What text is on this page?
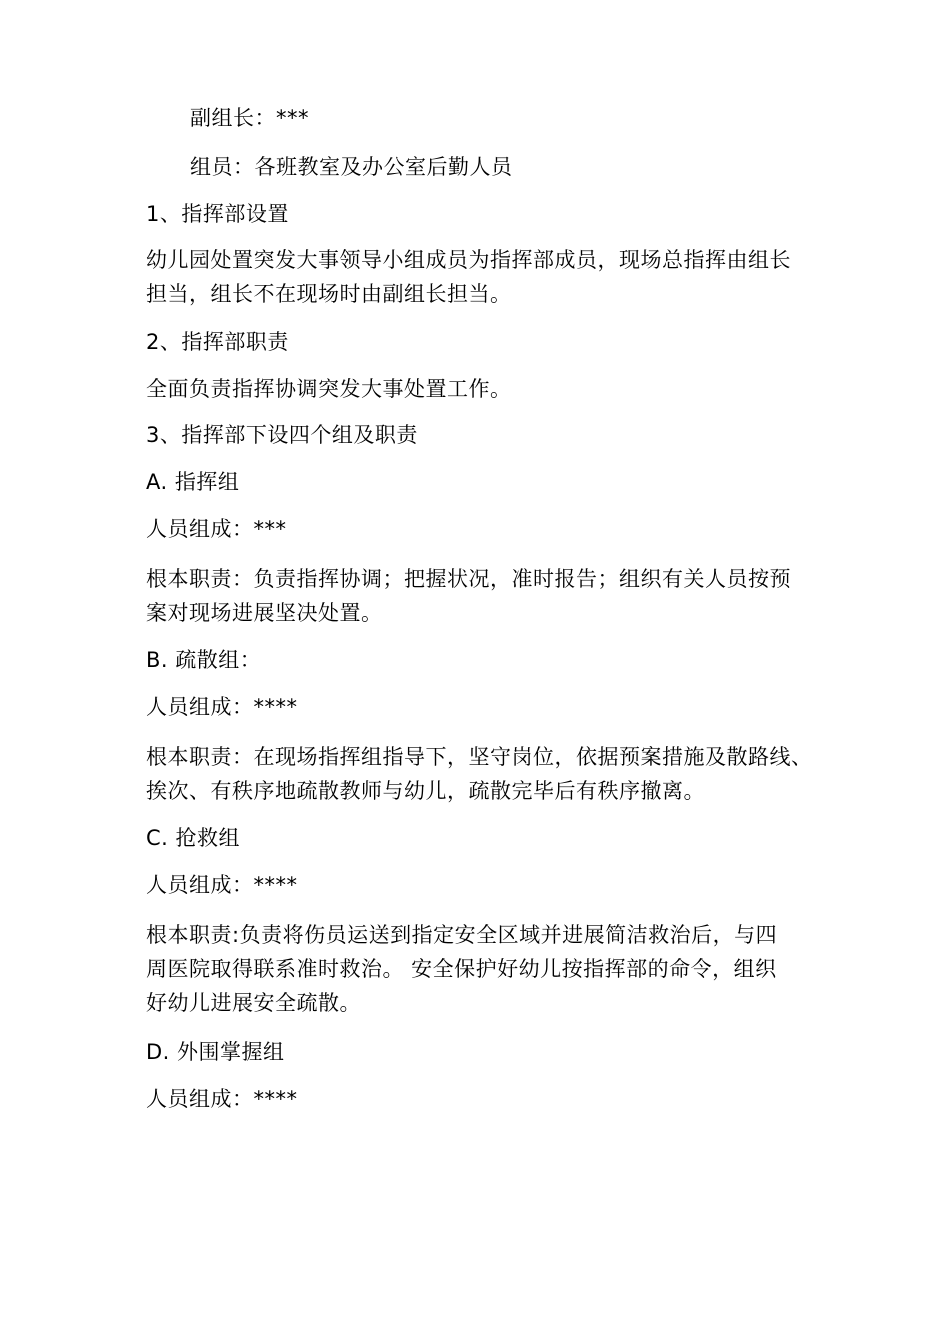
副组长：***
组员：各班教室及办公室后勤人员
1、指挥部设置
幼儿园处置突发大事领导小组成员为指挥部成员，现场总指挥由组长
担当，组长不在现场时由副组长担当。
2、指挥部职责
全面负责指挥协调突发大事处置工作。
3、指挥部下设四个组及职责
A. 指挥组
人员组成：***
根本职责：负责指挥协调；把握状况，准时报告；组织有关人员按预
案对现场进展坚决处置。
B. 疏散组：
人员组成：****
根本职责：在现场指挥组指导下，坚守岗位，依据预案措施及散路线、
挨次、有秩序地疏散教师与幼儿，疏散完毕后有秩序撤离。
C. 抢救组
人员组成：****
根本职责:负责将伤员运送到指定安全区域并进展简洁救治后，与四
周医院取得联系准时救治。 安全保护好幼儿按指挥部的命令，组织
好幼儿进展安全疏散。
D. 外围掌握组
人员组成：****
